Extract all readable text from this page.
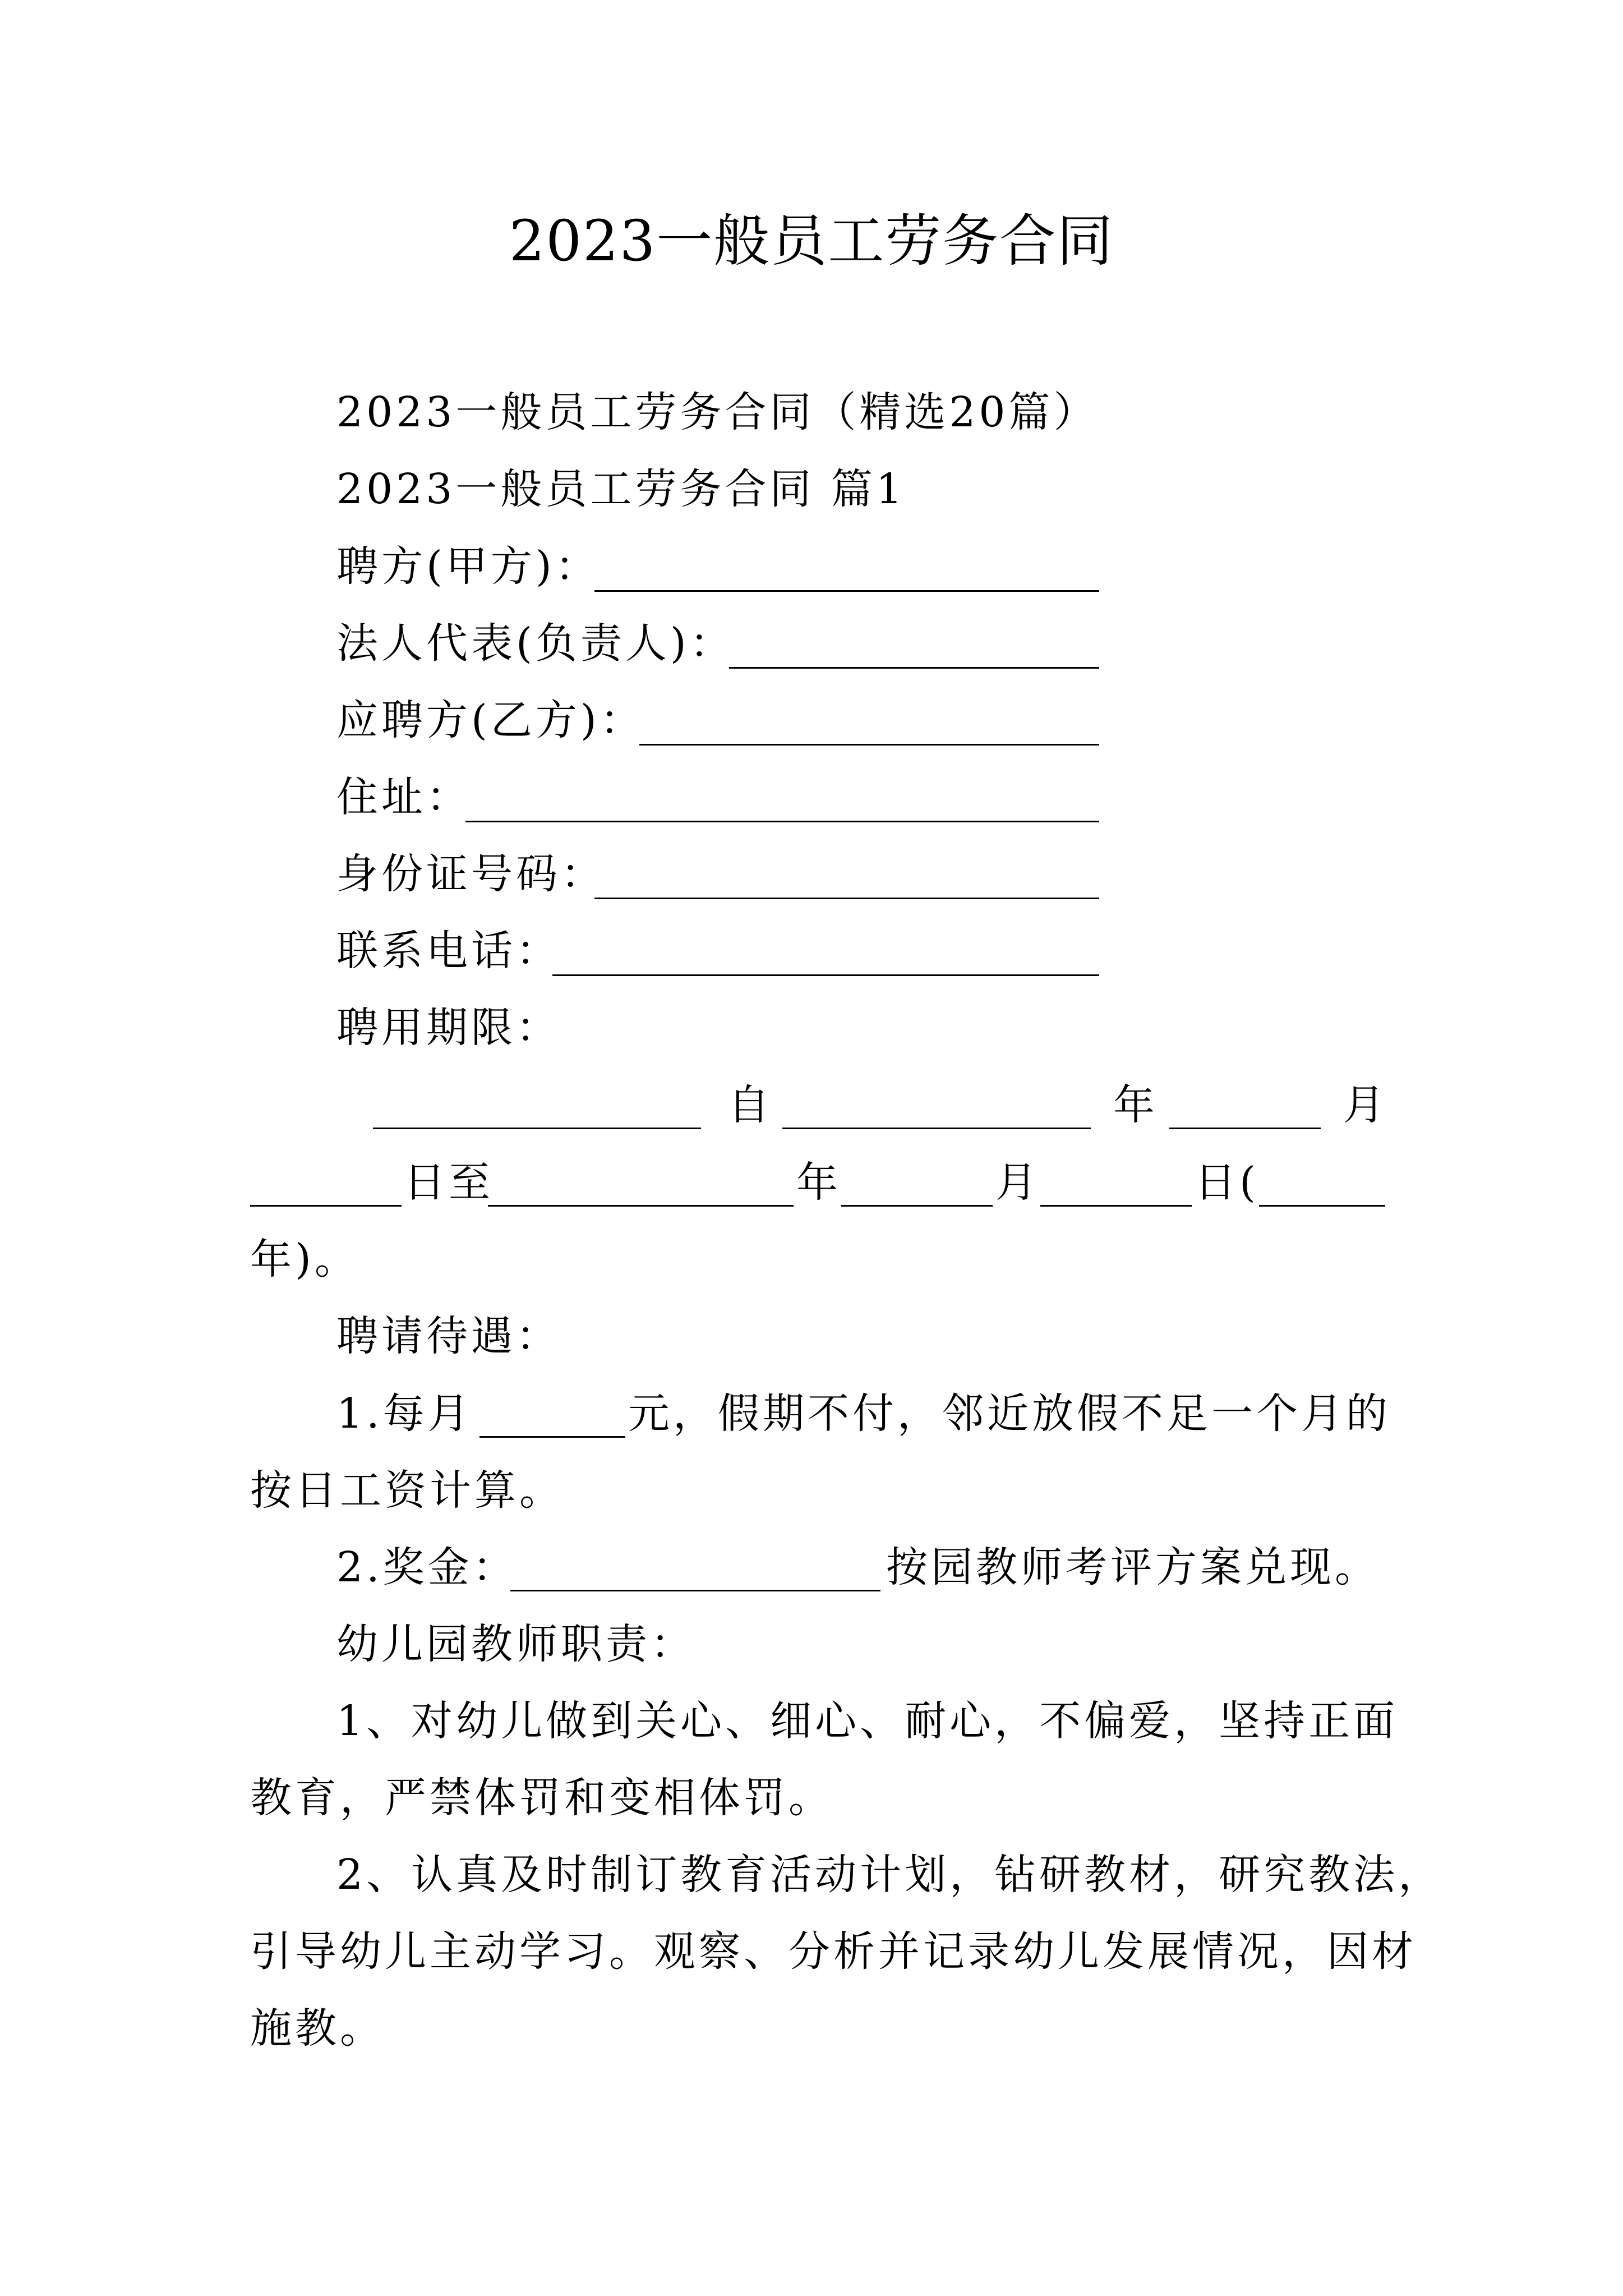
2023一般员工劳务合同
2023一般员工劳务合同（精选20篇）
2023一般员工劳务合同 篇1
聘方(甲方)：
法人代表(负责人)：
应聘方(乙方)：
住址：
身份证号码：
联系电话：
聘用期限：
自	年	月
日至	年	月	日(
年)。
聘请待遇：
1.每月	元，假期不付，邻近放假不足一个月的
按日工资计算。
2.奖金：	按园教师考评方案兑现。
幼儿园教师职责：
1、对幼儿做到关心、细心、耐心，不偏爱，坚持正面
教育，严禁体罚和变相体罚。
2、认真及时制订教育活动计划，钻研教材，研究教法，
引导幼儿主动学习。观察、分析并记录幼儿发展情况，因材
施教。
